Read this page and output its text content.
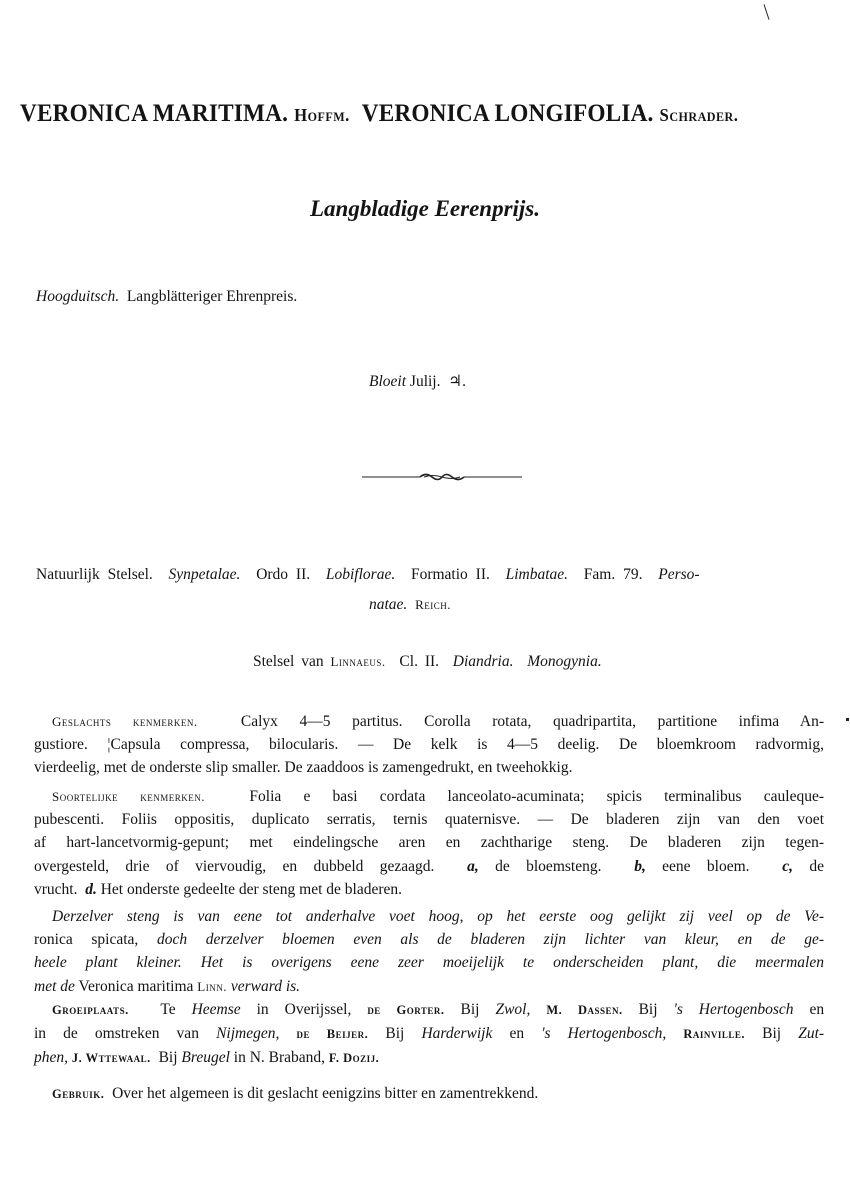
VERONICA MARITIMA. Hoffm. VERONICA LONGIFOLIA. Schrader.
Langbladige Eerenprijs.
Hoogduitsch. Langblätteriger Ehrenpreis.
Bloeit Julij. ♃.
Natuurlijk Stelsel. Synpetalae. Ordo II. Lobiflorae. Formatio II. Limbatae. Fam. 79. Perso-
natae. Reich.
Stelsel van Linnaeus. Cl. II. Diandria. Monogynia.

Geslachts kenmerken.	Calyx 4—5 partitus. Corolla rotata, quadripartita, partitione infima An-

gustiore. ¦Capsula compressa, bilocularis. — De kelk is 4—5 deelig. De bloemkroom radvormig,

vierdeelig, met de onderste slip smaller. De zaaddoos is zamengedrukt, en tweehokkig.

Soortelijke kenmerken.	Folia e basi cordata lanceolato-acuminata; spicis terminalibus cauleque-

pubescenti. Foliis oppositis, duplicato serratis, ternis quaternisve. — De bladeren zijn van den voet

af hart-lancetvormig-gepunt; met eindelingsche aren en zachtharige steng. De bladeren zijn tegen-

overgesteld, drie of viervoudig, en dubbeld gezaagd. a, de bloemsteng. b, eene bloem. c, de

vrucht. d. Het onderste gedeelte der steng met de bladeren.

Derzelver steng is van eene tot anderhalve voet hoog, op het eerste oog gelijkt zij veel op de Ve-

ronica spicata, doch derzelver bloemen even als de bladeren zijn lichter van kleur, en de ge-

heele plant kleiner. Het is overigens eene zeer moeijelijk te onderscheiden plant, die meermalen

met de Veronica maritima Linn. verward is.

Groeiplaats. Te Heemse in Overijssel, de Gorter. Bij Zwol, M. Dassen. Bij 's Hertogenbosch en

in de omstreken van Nijmegen, de Beijer. Bij Harderwijk en 's Hertogenbosch, Rainville. Bij Zut-

phen, J. Wttewaal. Bij Breugel in N. Braband, F. Dozij.

Gebruik. Over het algemeen is dit geslacht eenigzins bitter en zamentrekkend.
